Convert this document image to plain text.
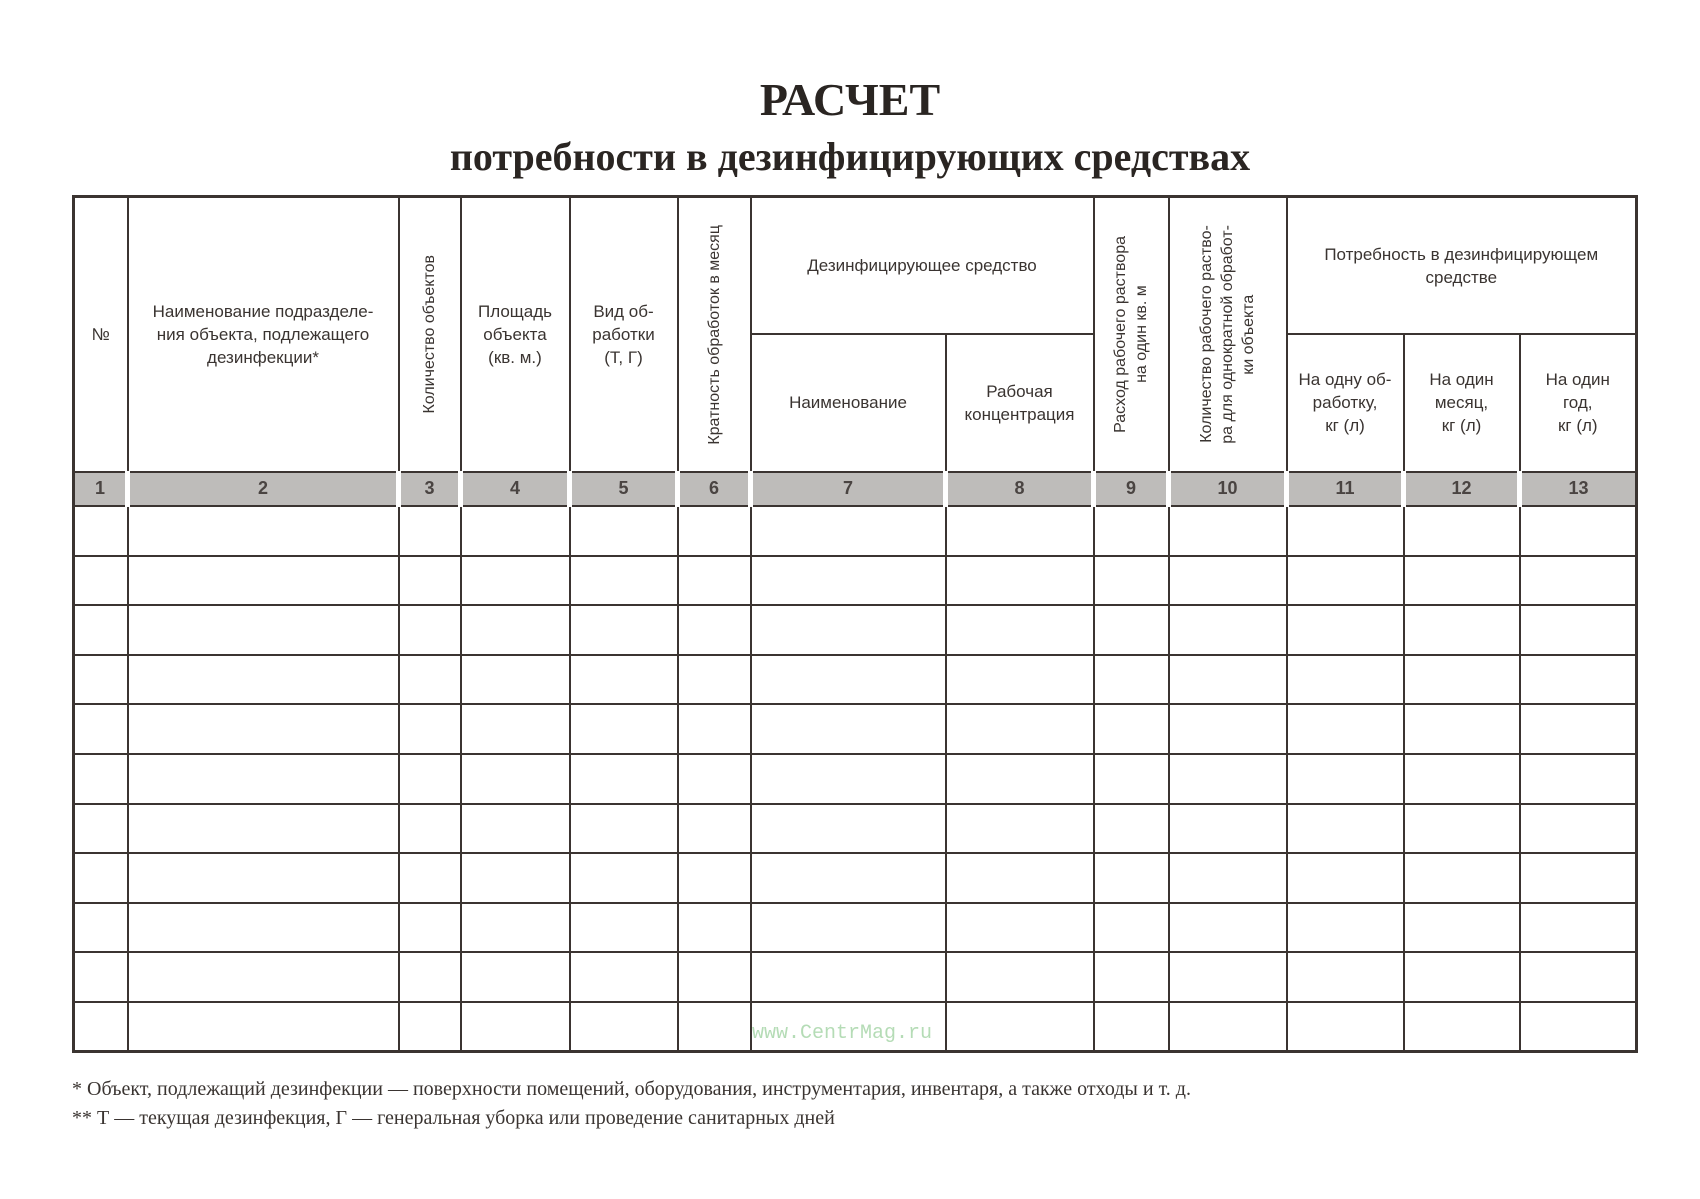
РАСЧЕТ
потребности в дезинфицирующих средствах
№	Наименование подразделе-
ния объекта, подлежащего
дезинфекции*	Количество объектов	Площадь
объекта
(кв. м.)	Вид об-
работки
(Т, Г)	Кратность обработок в месяц	Дезинфицирующее средство		Расход рабочего раствора
на один кв. м	Количество рабочего раство-
ра для однократной обработ-
ки объекта	Потребность в дезинфицирующем
средстве		
						Наименование	Рабочая
концентрация			На одну об-
работку,
кг (л)	На один
месяц,
кг (л)	На один
год,
кг (л)
1	2	3	4	5	6	7	8	9	10	11	12	13

www.CentrMag.ru
* Объект, подлежащий дезинфекции — поверхности помещений, оборудования, инструментария, инвентаря, а также отходы и т. д.
** Т — текущая дезинфекция, Г — генеральная уборка или проведение санитарных дней
